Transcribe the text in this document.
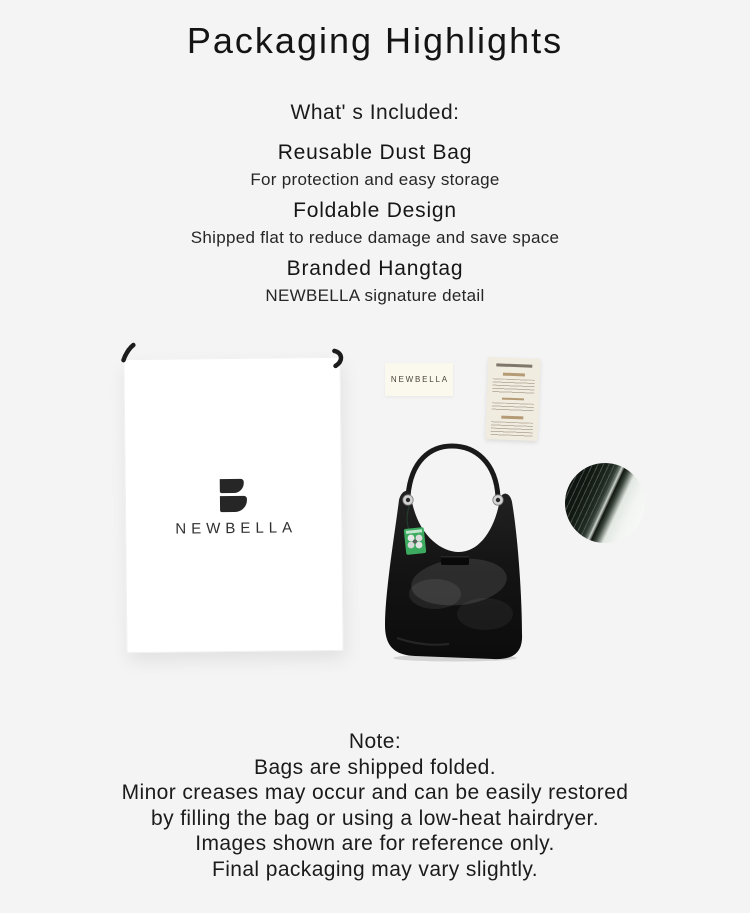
Packaging Highlights
What' s Included:
Reusable Dust Bag
For protection and easy storage
Foldable Design
Shipped flat to reduce damage and save space
Branded Hangtag
NEWBELLA signature detail
NEWBELLA
NEWBELLA
Note:
Bags are shipped folded.
Minor creases may occur and can be easily restored
by filling the bag or using a low-heat hairdryer.
Images shown are for reference only.
Final packaging may vary slightly.
